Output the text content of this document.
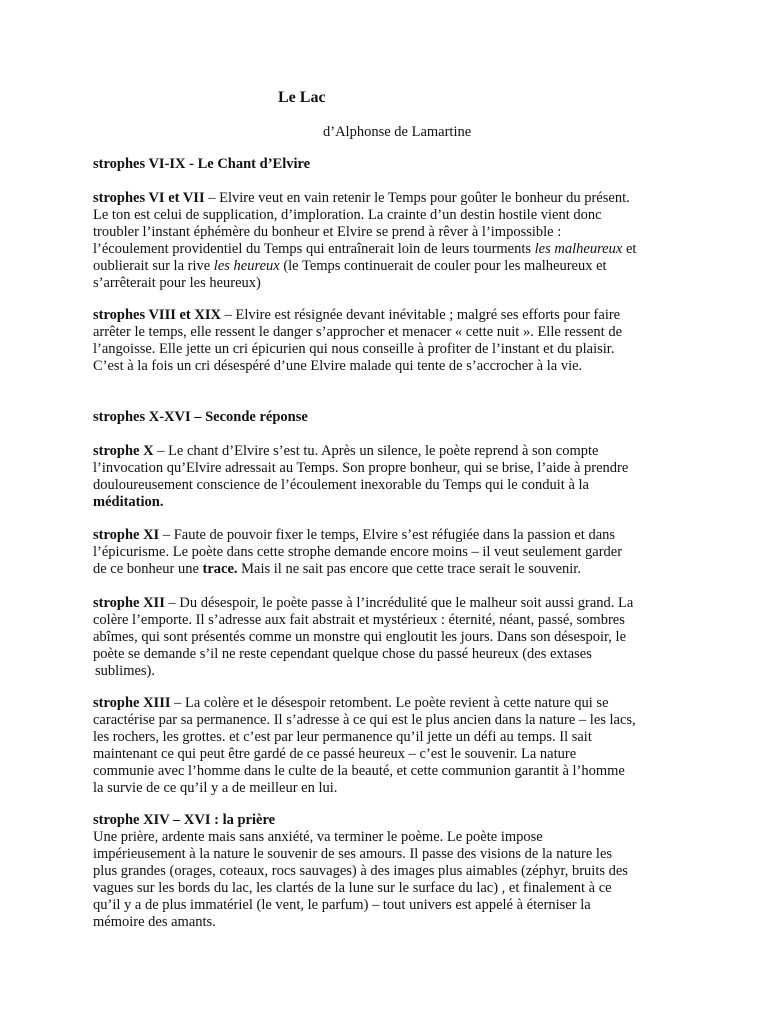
Le Lac
d’Alphonse de Lamartine
strophes VI-IX - Le Chant d’Elvire
strophes VI et VII – Elvire veut en vain retenir le Temps pour goûter le bonheur du présent.
Le ton est celui de supplication, d’imploration. La crainte d’un destin hostile vient donc
troubler l’instant éphémère du bonheur et Elvire se prend à rêver à l’impossible :
l’écoulement providentiel du Temps qui entraînerait loin de leurs tourments les malheureux et
oublierait sur la rive les heureux (le Temps continuerait de couler pour les malheureux et
s’arrêterait pour les heureux)
strophes VIII et XIX – Elvire est résignée devant inévitable ; malgré ses efforts pour faire
arrêter le temps, elle ressent le danger s’approcher et menacer « cette nuit ». Elle ressent de
l’angoisse. Elle jette un cri épicurien qui nous conseille à profiter de l’instant et du plaisir.
C’est à la fois un cri désespéré d’une Elvire malade qui tente de s’accrocher à la vie.
strophes X-XVI – Seconde réponse
strophe X – Le chant d’Elvire s’est tu. Après un silence, le poète reprend à son compte
l’invocation qu’Elvire adressait au Temps. Son propre bonheur, qui se brise, l’aide à prendre
douloureusement conscience de l’écoulement inexorable du Temps qui le conduit à la
méditation.
strophe XI – Faute de pouvoir fixer le temps, Elvire s’est réfugiée dans la passion et dans
l’épicurisme. Le poète dans cette strophe demande encore moins – il veut seulement garder
de ce bonheur une trace. Mais il ne sait pas encore que cette trace serait le souvenir.
strophe XII – Du désespoir, le poète passe à l’incrédulité que le malheur soit aussi grand. La
colère l’emporte. Il s’adresse aux fait abstrait et mystérieux : éternité, néant, passé, sombres
abîmes, qui sont présentés comme un monstre qui engloutit les jours. Dans son désespoir, le
poète se demande s’il ne reste cependant quelque chose du passé heureux (des extases
sublimes).
strophe XIII – La colère et le désespoir retombent. Le poète revient à cette nature qui se
caractérise par sa permanence. Il s’adresse à ce qui est le plus ancien dans la nature – les lacs,
les rochers, les grottes. et c’est par leur permanence qu’il jette un défi au temps. Il sait
maintenant ce qui peut être gardé de ce passé heureux – c’est le souvenir. La nature
communie avec l’homme dans le culte de la beauté, et cette communion garantit à l’homme
la survie de ce qu’il y a de meilleur en lui.
strophe XIV – XVI : la prière
Une prière, ardente mais sans anxiété, va terminer le poème. Le poète impose
impérieusement à la nature le souvenir de ses amours. Il passe des visions de la nature les
plus grandes (orages, coteaux, rocs sauvages) à des images plus aimables (zéphyr, bruits des
vagues sur les bords du lac, les clartés de la lune sur le surface du lac) , et finalement à ce
qu’il y a de plus immatériel (le vent, le parfum) – tout univers est appelé à éterniser la
mémoire des amants.
